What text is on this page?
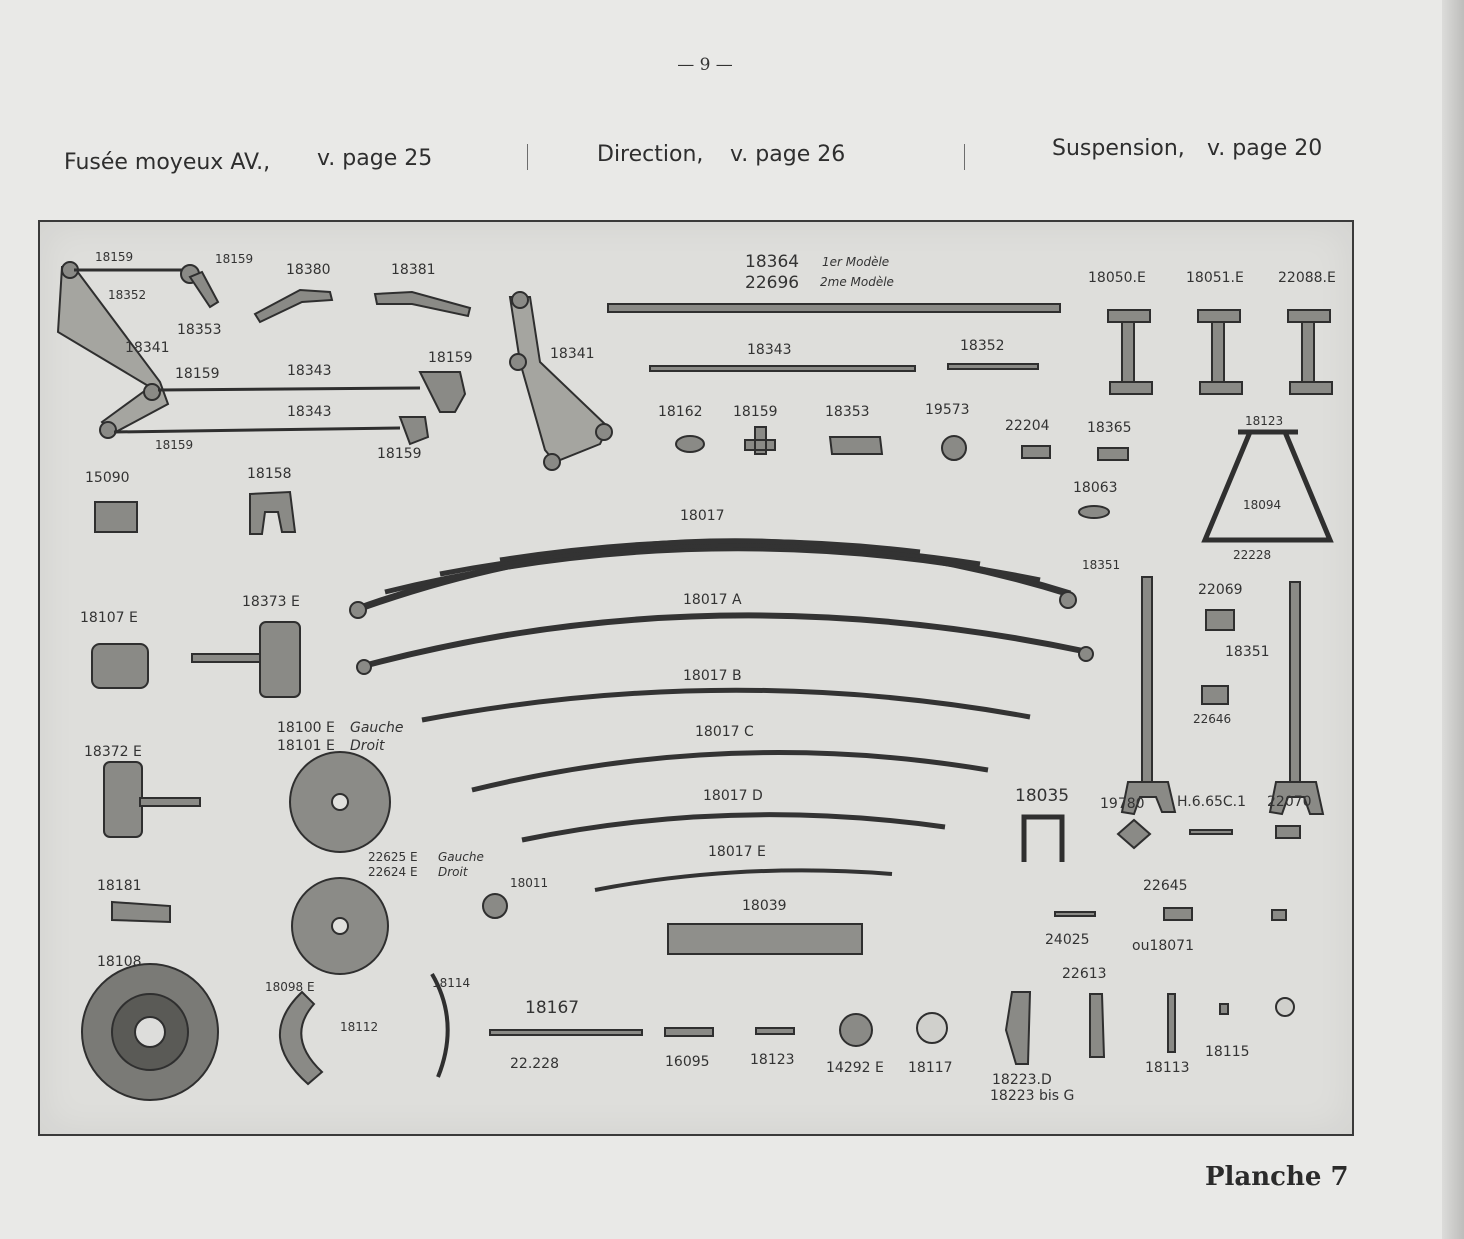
— 9 —
Fusée moyeux AV., v. page 25	Direction, v. page 26	Suspension, v. page 20
18159	18159
18352
18353
18380	18381
18341
18159	18343
18159
18343
18159
18159
18341
18364 1er Modèle
22696 2me Modèle	18050.E	18051.E 22088.E
18343	18352
18162 18159	18353	19573
22204	18365	18123
15090	18158
18017
18063
18094
22228
18351
18107 E
18373 E	18017 A
22069
18351
18017 B
22646
18100 E Gauche
18101 E Droit
18017 C
18372 E
18017 D	18035 19780 H.6.65C.1 22070
22625 E Gauche
22624 E Droit
18017 E
18011
18181	22645
18039
24025	ou18071
22613
18108
18098 E	18114
18167
18112
22.228	16095	18123 14292 E 18117
18223.D
18223 bis G
18113
18115
Planche 7
